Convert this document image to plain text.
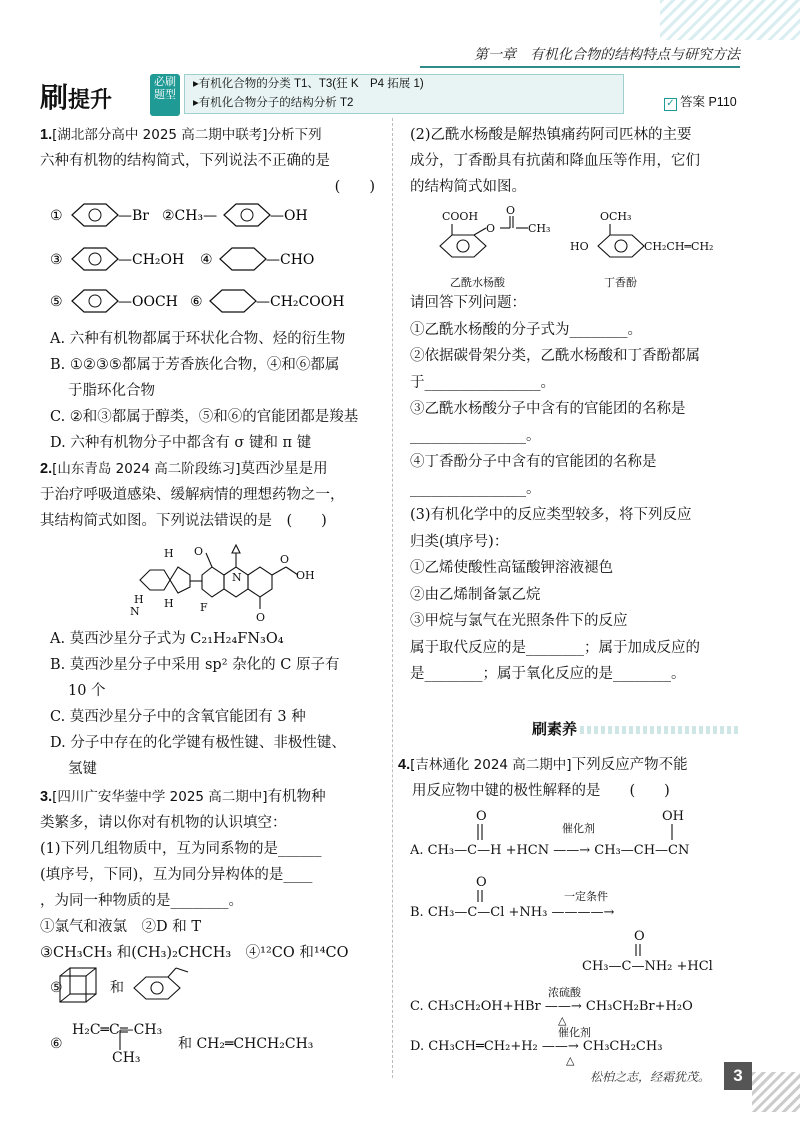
第一章　有机化合物的结构特点与研究方法
刷提升
必刷题型
▸有机化合物的分类 T1、T3(狂 K　P4 拓展 1)
▸有机化合物分子的结构分析 T2	✓ 答案 P110
1.[湖北部分高中 2025 高二期中联考]分析下列
六种有机物的结构简式，下列说法不正确的是
(　　)
①	—Br ②CH₃—	—OH
③	—CH₂OH ④	—CHO
⑤	—OOCH ⑥	—CH₂COOH
A. 六种有机物都属于环状化合物、烃的衍生物
B. ①②③⑤都属于芳香族化合物，④和⑥都属
于脂环化合物
C. ②和③都属于醇类，⑤和⑥的官能团都是羧基
D. 六种有机物分子中都含有 σ 键和 π 键
2.[山东青岛 2024 高二阶段练习]莫西沙星是用
于治疗呼吸道感染、缓解病情的理想药物之一，
其结构简式如图。下列说法错误的是　(　　)
H
H
H
N
O
N
F
O
O
OH
A. 莫西沙星分子式为 C₂₁H₂₄FN₃O₄
B. 莫西沙星分子中采用 sp² 杂化的 C 原子有
10 个
C. 莫西沙星分子中的含氧官能团有 3 种
D. 分子中存在的化学键有极性键、非极性键、
氢键
3.[四川广安华蓥中学 2025 高二期中]有机物种
类繁多，请以你对有机物的认识填空：
(1)下列几组物质中，互为同系物的是______
(填序号，下同)，互为同分异构体的是____
，为同一种物质的是________。
①氯气和液氯　②D 和 T
③CH₃CH₃ 和(CH₃)₂CHCH₃　④¹²CO 和¹⁴CO
⑤	和
H₂C═C—CH₃
CH₃
⑥	和 CH₂═CHCH₂CH₃
(2)乙酰水杨酸是解热镇痛药阿司匹林的主要
成分，丁香酚具有抗菌和降血压等作用，它们
的结构简式如图。
COOH
O
O
CH₃
OCH₃
HO	CH₂CH═CH₂
乙酰水杨酸	丁香酚
请回答下列问题：
①乙酰水杨酸的分子式为________。
②依据碳骨架分类，乙酰水杨酸和丁香酚都属
于________________。
③乙酰水杨酸分子中含有的官能团的名称是
________________。
④丁香酚分子中含有的官能团的名称是
________________。
(3)有机化学中的反应类型较多，将下列反应
归类(填序号)：
①乙烯使酸性高锰酸钾溶液褪色
②由乙烯制备氯乙烷
③甲烷与氯气在光照条件下的反应
属于取代反应的是________；属于加成反应的
是________；属于氧化反应的是________。
刷素养
4.[吉林通化 2024 高二期中]下列反应产物不能
用反应物中键的极性解释的是　　(　　)
O	OH
A. CH₃—C—H +HCN ——→ CH₃—CH—CN
催化剂
O
B. CH₃—C—Cl +NH₃ ————→
一定条件
O
CH₃—C—NH₂ +HCl
C. CH₃CH₂OH+HBr ——→ CH₃CH₂Br+H₂O
浓硫酸
△
D. CH₃CH═CH₂+H₂ ——→ CH₃CH₂CH₃
催化剂
△
松柏之志，经霜犹茂。	3
